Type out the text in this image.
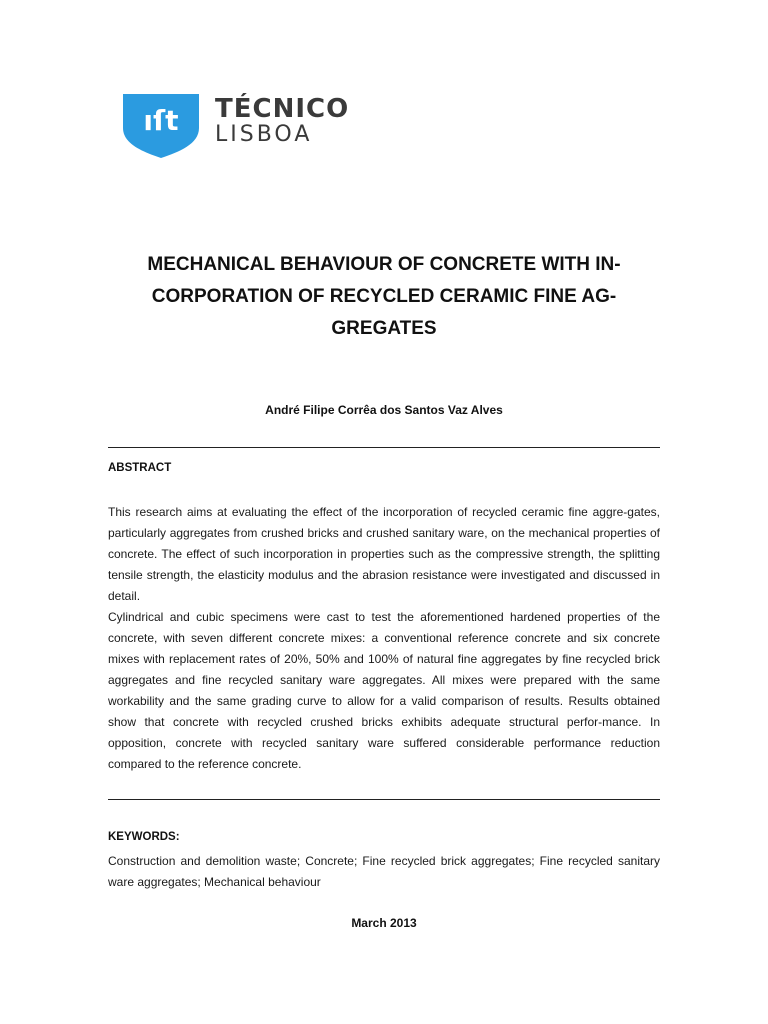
ıſt TÉCNICO
LISBOA
MECHANICAL BEHAVIOUR OF CONCRETE WITH IN-
CORPORATION OF RECYCLED CERAMIC FINE AG-
GREGATES
André Filipe Corrêa dos Santos Vaz Alves
ABSTRACT

This research aims at evaluating the effect of the incorporation of recycled ceramic fine aggre-gates, particularly aggregates from crushed bricks and crushed sanitary ware, on the mechanical properties of concrete. The effect of such incorporation in properties such as the compressive strength, the splitting tensile strength, the elasticity modulus and the abrasion resistance were investigated and discussed in detail.

Cylindrical and cubic specimens were cast to test the aforementioned hardened properties of the concrete, with seven different concrete mixes: a conventional reference concrete and six concrete mixes with replacement rates of 20%, 50% and 100% of natural fine aggregates by fine recycled brick aggregates and fine recycled sanitary ware aggregates. All mixes were prepared with the same workability and the same grading curve to allow for a valid comparison of results. Results obtained show that concrete with recycled crushed bricks exhibits adequate structural perfor-mance. In opposition, concrete with recycled sanitary ware suffered considerable performance reduction compared to the reference concrete.

KEYWORDS:
Construction and demolition waste; Concrete; Fine recycled brick aggregates; Fine recycled sanitary ware aggregates; Mechanical behaviour
March 2013
